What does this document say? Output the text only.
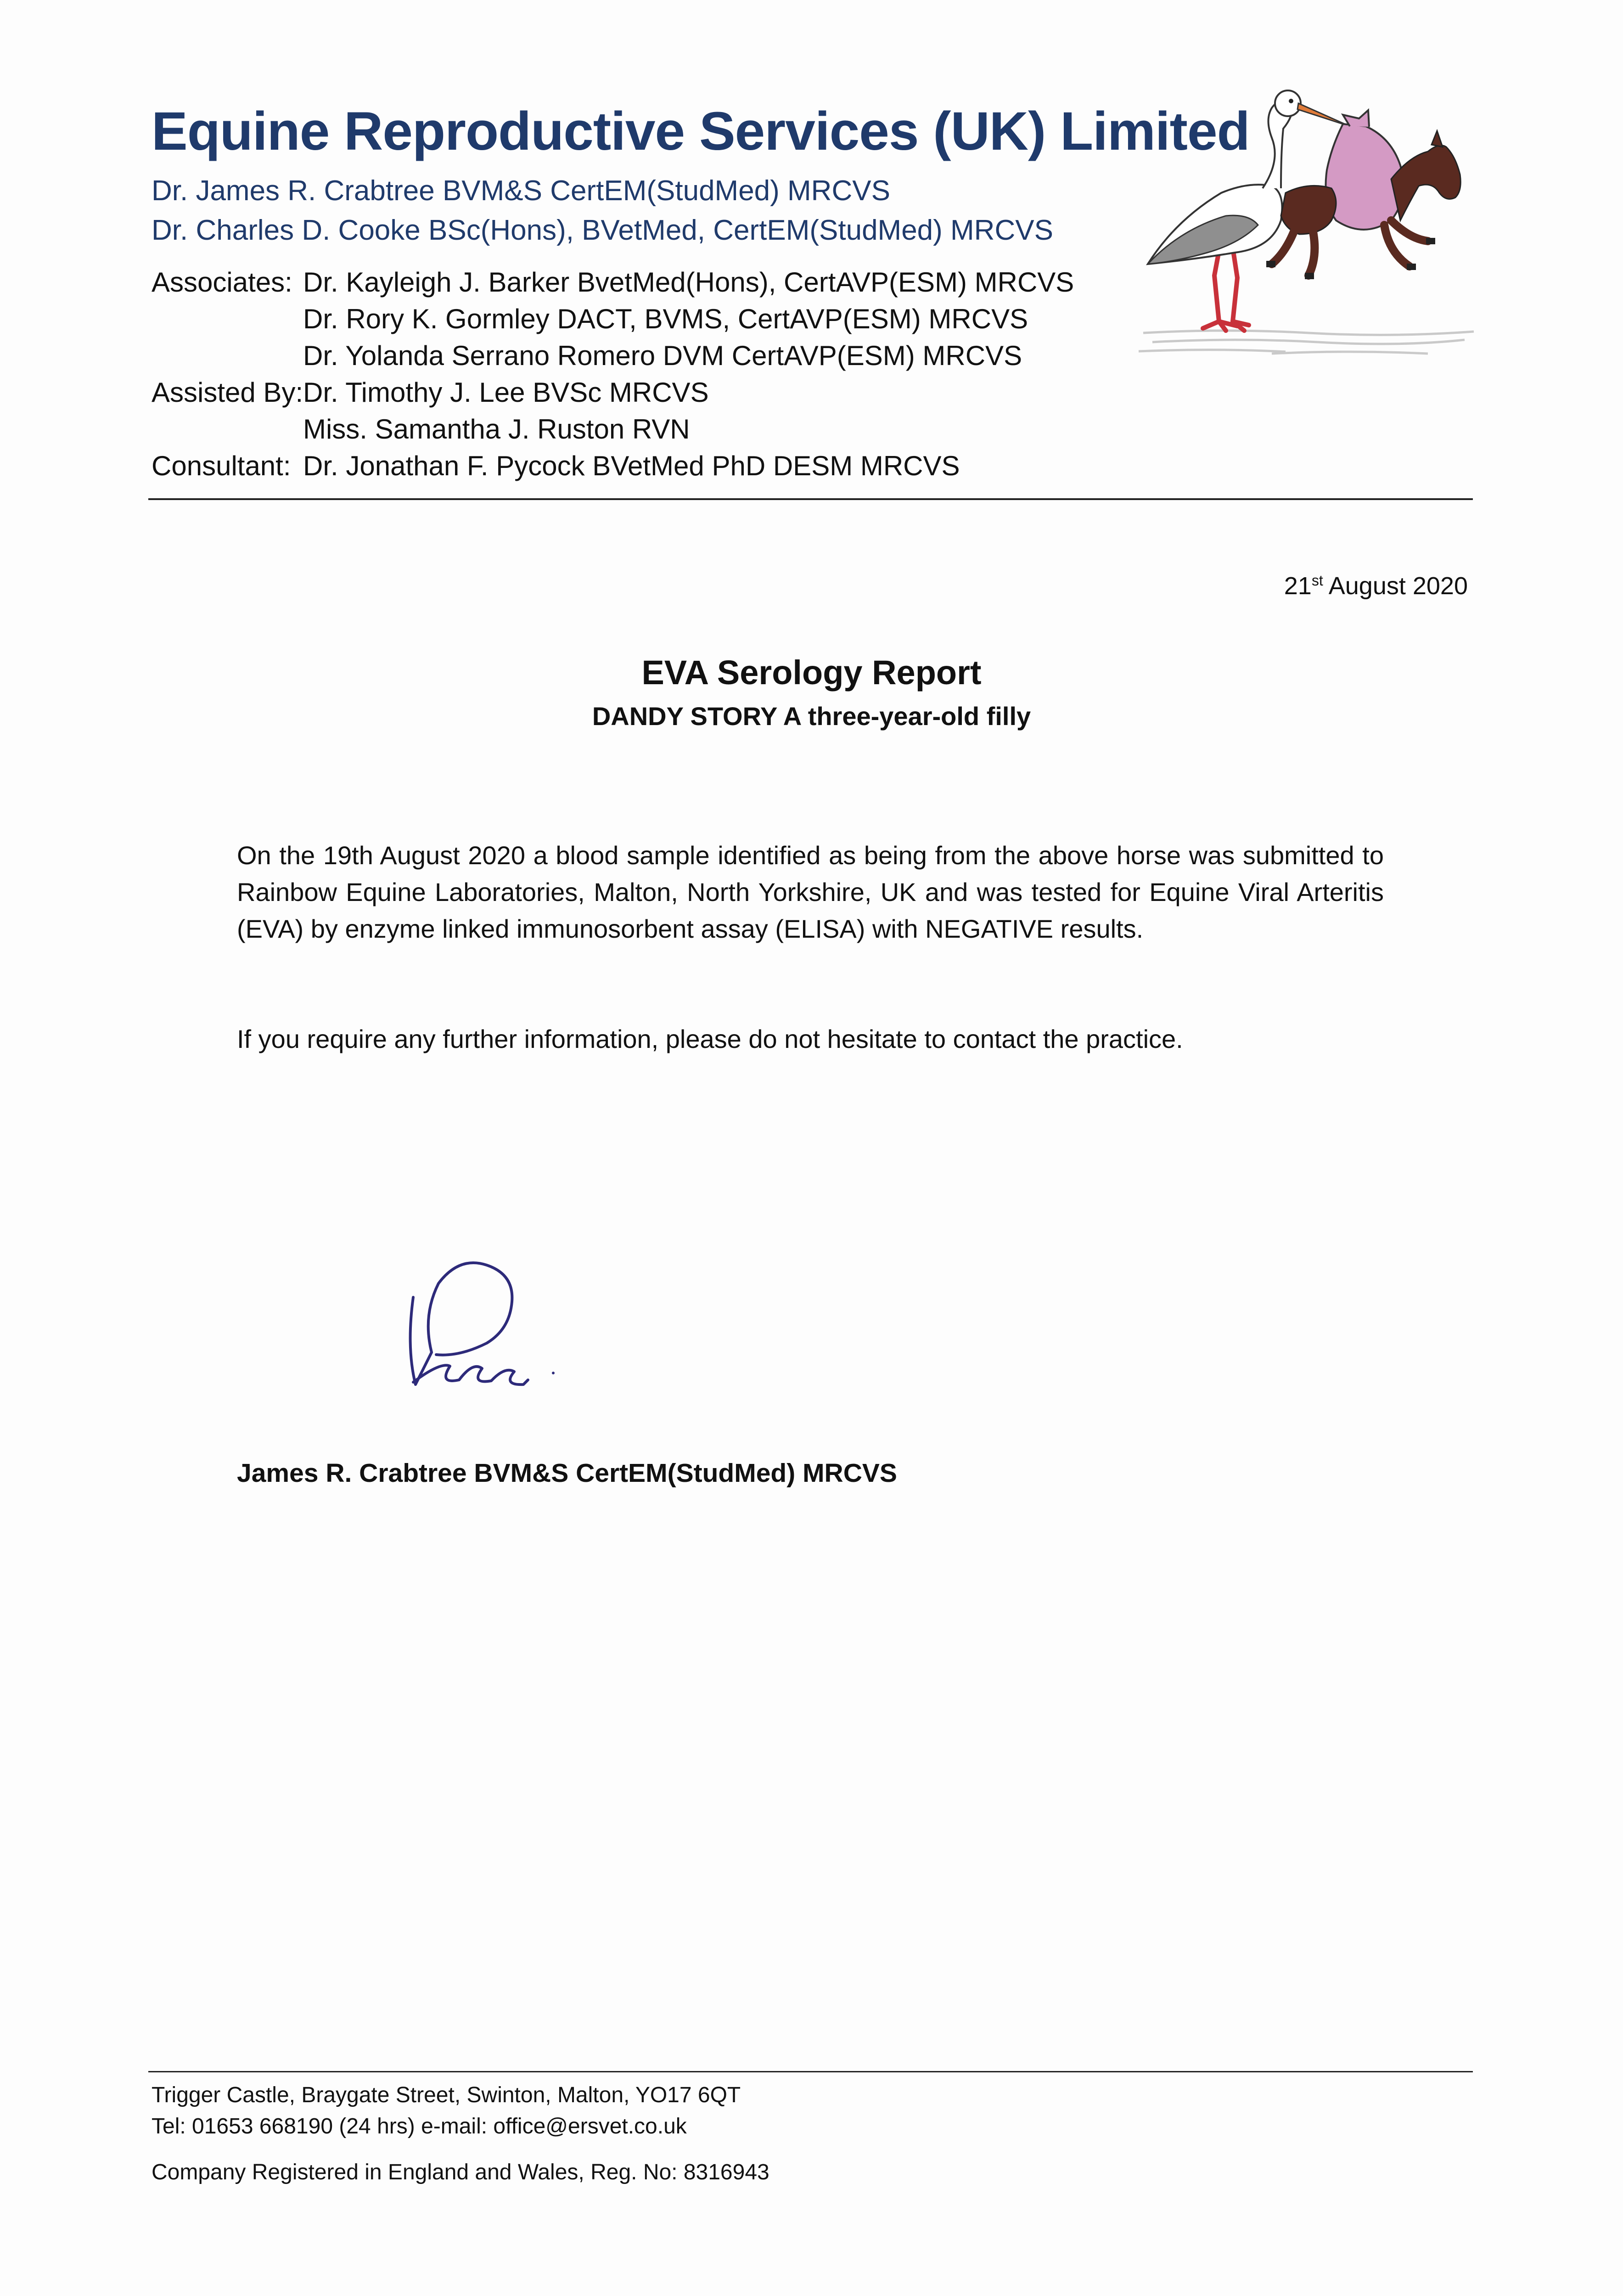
Equine Reproductive Services (UK) Limited
Dr. James R. Crabtree BVM&S CertEM(StudMed) MRCVS
Dr. Charles D. Cooke BSc(Hons), BVetMed, CertEM(StudMed) MRCVS
Associates: Dr. Kayleigh J. Barker BvetMed(Hons), CertAVP(ESM) MRCVS
Dr. Rory K. Gormley DACT, BVMS, CertAVP(ESM) MRCVS
Dr. Yolanda Serrano Romero DVM CertAVP(ESM) MRCVS
Assisted By: Dr. Timothy J. Lee BVSc MRCVS
Miss. Samantha J. Ruston RVN
Consultant: Dr. Jonathan F. Pycock BVetMed PhD DESM MRCVS
21st August 2020
EVA Serology Report
DANDY STORY A three-year-old filly
On the 19th August 2020 a blood sample identified as being from the above horse was submitted to Rainbow Equine Laboratories, Malton, North Yorkshire, UK and was tested for Equine Viral Arteritis (EVA) by enzyme linked immunosorbent assay (ELISA) with NEGATIVE results.
If you require any further information, please do not hesitate to contact the practice.
James R. Crabtree BVM&S CertEM(StudMed) MRCVS
Trigger Castle, Braygate Street, Swinton, Malton, YO17 6QT
Tel: 01653 668190 (24 hrs) e-mail: office@ersvet.co.uk
Company Registered in England and Wales, Reg. No: 8316943
